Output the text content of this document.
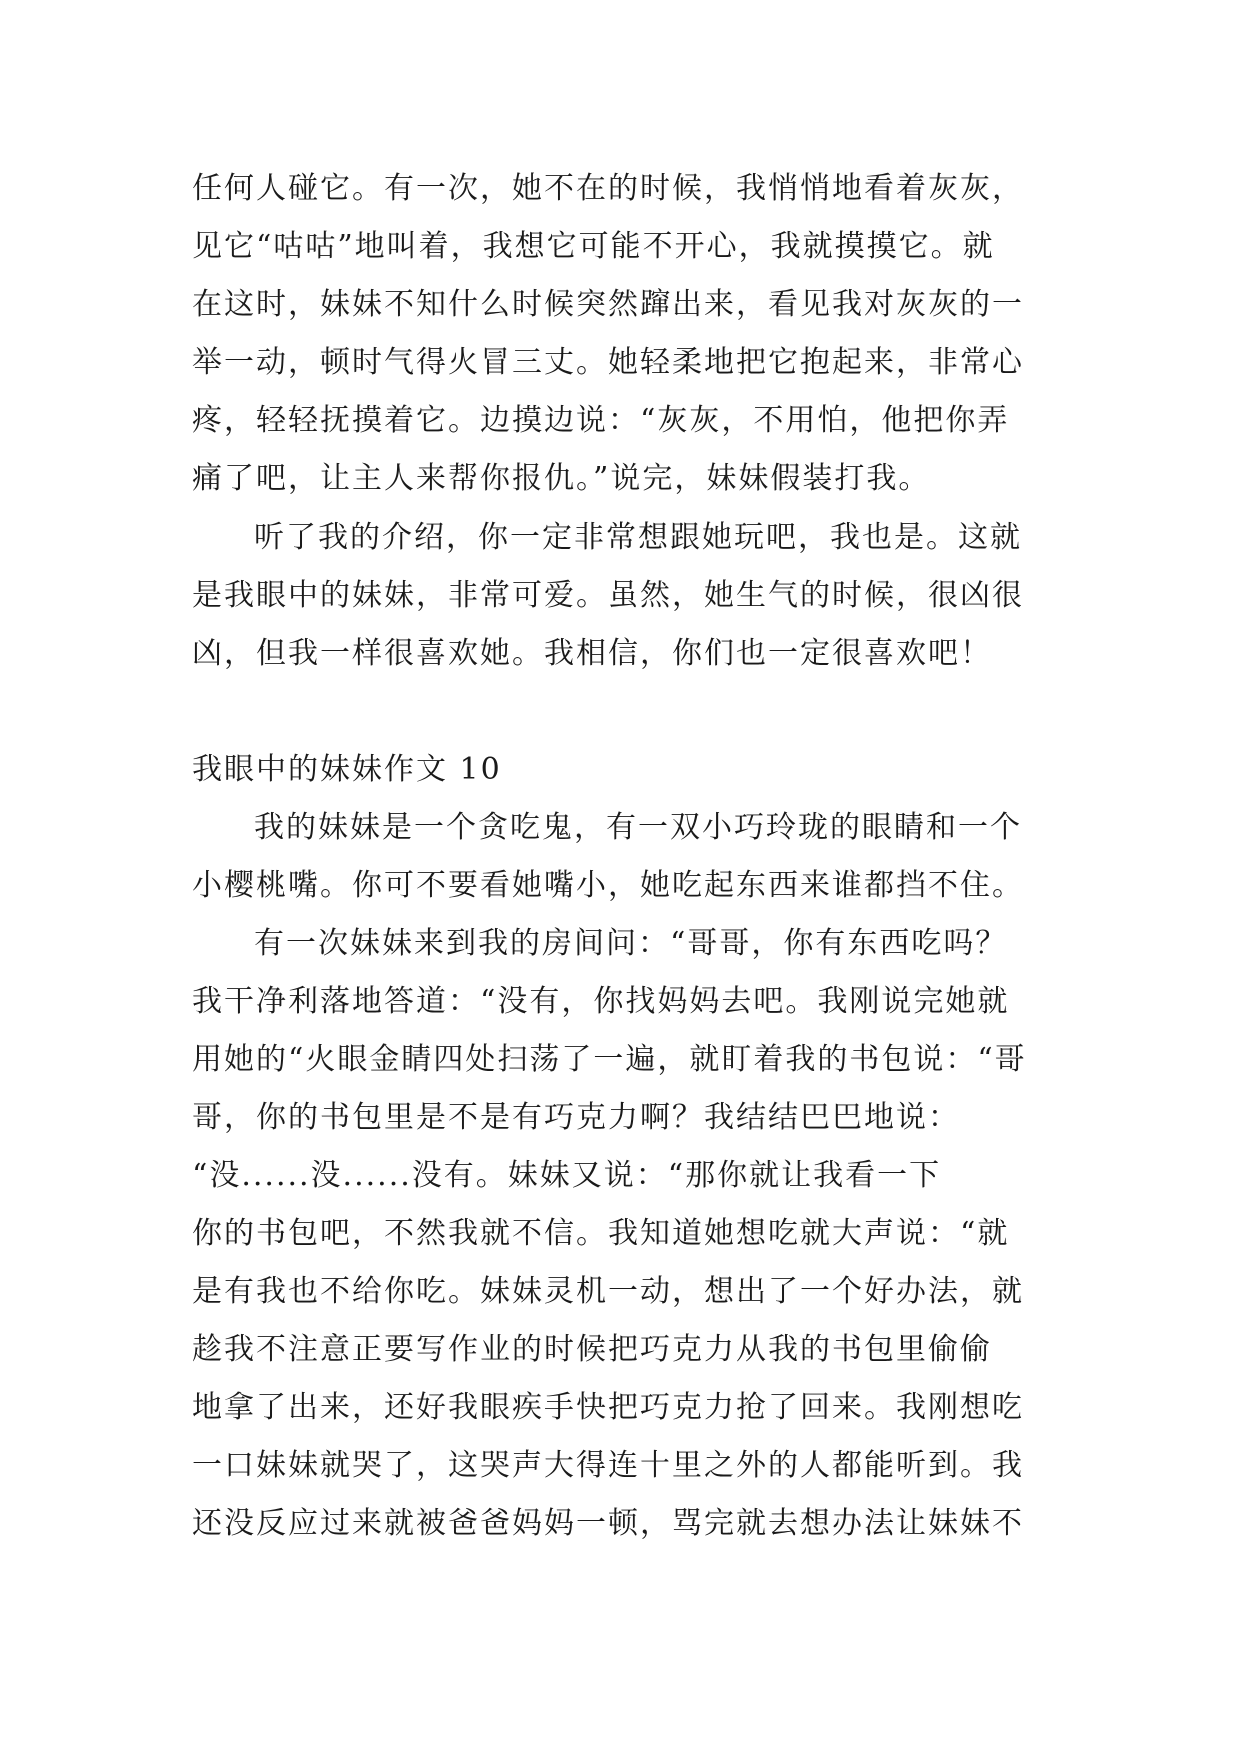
任何人碰它。有一次，她不在的时候，我悄悄地看着灰灰，
见它“咕咕”地叫着，我想它可能不开心，我就摸摸它。就
在这时，妹妹不知什么时候突然蹿出来，看见我对灰灰的一
举一动，顿时气得火冒三丈。她轻柔地把它抱起来，非常心
疼，轻轻抚摸着它。边摸边说：“灰灰，不用怕，他把你弄
痛了吧，让主人来帮你报仇。”说完，妹妹假装打我。
听了我的介绍，你一定非常想跟她玩吧，我也是。这就
是我眼中的妹妹，非常可爱。虽然，她生气的时候，很凶很
凶，但我一样很喜欢她。我相信，你们也一定很喜欢吧！
我眼中的妹妹作文 10
我的妹妹是一个贪吃鬼，有一双小巧玲珑的眼睛和一个
小樱桃嘴。你可不要看她嘴小，她吃起东西来谁都挡不住。
有一次妹妹来到我的房间问：“哥哥，你有东西吃吗？
我干净利落地答道：“没有，你找妈妈去吧。我刚说完她就
用她的“火眼金睛四处扫荡了一遍，就盯着我的书包说：“哥
哥，你的书包里是不是有巧克力啊？我结结巴巴地说：
“没......没......没有。妹妹又说：“那你就让我看一下
你的书包吧，不然我就不信。我知道她想吃就大声说：“就
是有我也不给你吃。妹妹灵机一动，想出了一个好办法，就
趁我不注意正要写作业的时候把巧克力从我的书包里偷偷
地拿了出来，还好我眼疾手快把巧克力抢了回来。我刚想吃
一口妹妹就哭了，这哭声大得连十里之外的人都能听到。我
还没反应过来就被爸爸妈妈一顿，骂完就去想办法让妹妹不
